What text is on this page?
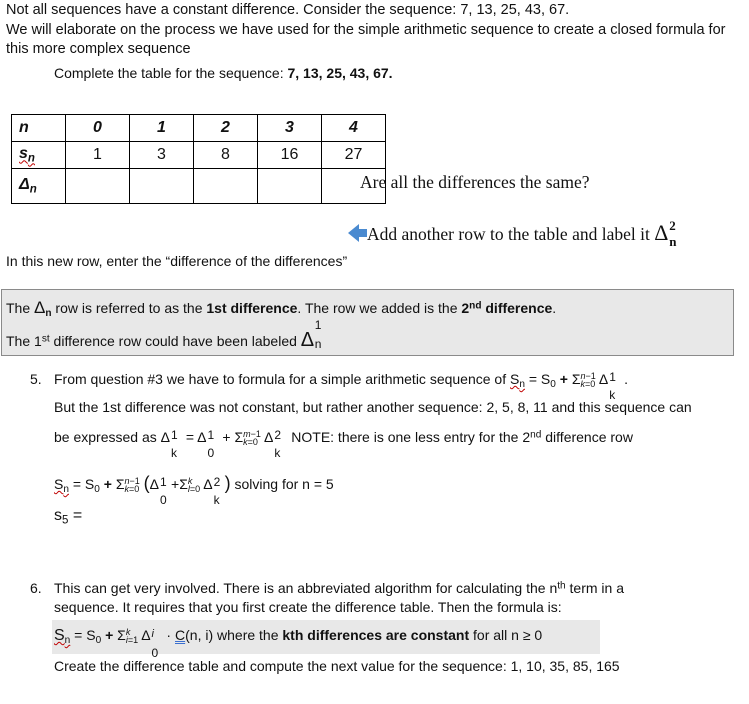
Not all sequences have a constant difference. Consider the sequence: 7, 13, 25, 43, 67.
We will elaborate on the process we have used for the simple arithmetic sequence to create a closed formula for this more complex sequence
Complete the table for the sequence: 7, 13, 25, 43, 67.
n	0	1	2	3	4
$s_n$	1	3	8	16	27
$\Delta_n$						Are all the differences the same?
Add another row to the table and label it Δ 2
n
In this new row, enter the “difference of the differences”
The $\Delta_n$ row is referred to as the 1st difference. The row we added is the 2nd difference.
The 1st difference row could have been labeled Δ
1
n
5. From question #3 we have to formula for a simple arithmetic sequence of $S_n = S_0 + \Sigma n-1$
k=0 Δ 1
k
.
But the 1st difference was not constant, but rather another sequence: 2, 5, 8, 11 and this sequence can
be expressed as Δ 1
k
= Δ 1
0
+ Σm−1
k=0 Δ 2
k
NOTE: there is one less entry for the 2nd difference row
$S_n = S_0 + \Sigma n-1$
k=0 (Δ 1
0
+Σk
l=0 Δ 2
k
) solving for n = 5
$s_5$ =
6. This can get very involved. There is an abbreviated algorithm for calculating the $n^{th}$ term in a
sequence. It requires that you first create the difference table. Then the formula is:
$S_n = S_0 + \Sigma k$
i=1 Δ i
0
· C(n, i) where the kth differences are constant for all n ≥ 0
Create the difference table and compute the next value for the sequence: 1, 10, 35, 85, 165
